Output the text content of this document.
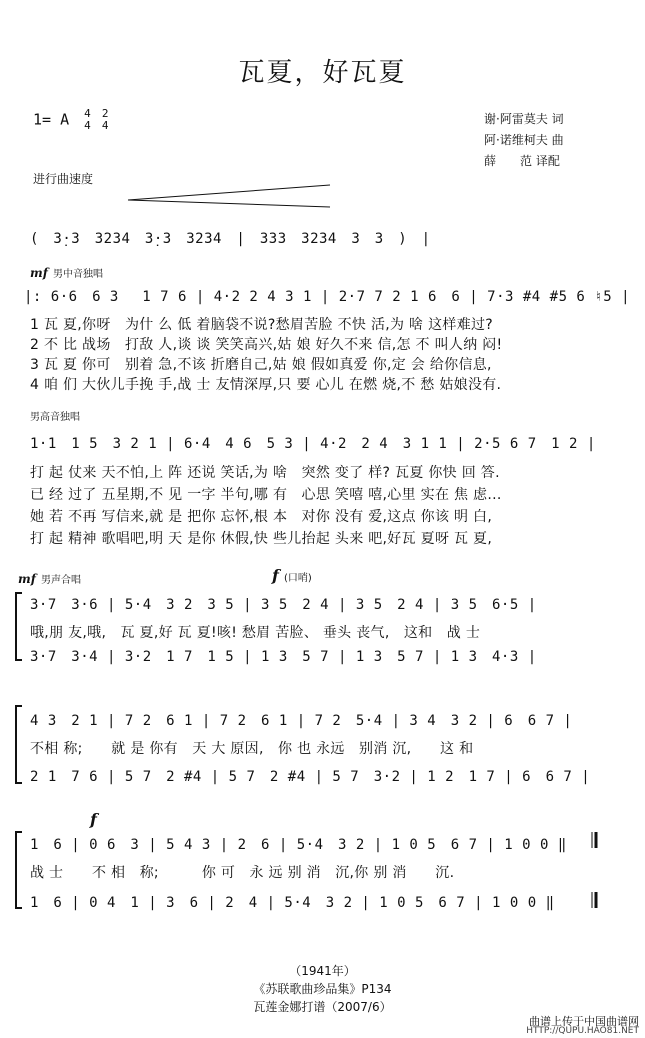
瓦夏，好瓦夏
1= A 4
4 2
4	谢·阿雷莫夫 词
阿·诺维柯夫 曲
薛　　范 译配
进行曲速度
(　3̣·3　3234　3̣·3　3234　|　333　3234　3　3　)　|
mf 男中音独唱
|: 6·6　6 3　 1 7 6 | 4·2 2 4 3 1 | 2·7 7 2 1 6　6 | 7·3 #4 #5 6 ♮5 |
1 瓦 夏,你呀　为什 么 低 着脑袋不说?愁眉苦脸 不快 活,为 啥 这样难过?
2 不 比 战场　打敌 人,谈 谈 笑笑高兴,姑 娘 好久不来 信,怎 不 叫人纳 闷!
3 瓦 夏 你可　别着 急,不该 折磨自己,姑 娘 假如真爱 你,定 会 给你信息,
4 咱 们 大伙儿手挽 手,战 士 友情深厚,只 要 心儿 在燃 烧,不 愁 姑娘没有.
男高音独唱
1·1　1 5　3 2 1 | 6·4　4 6　5 3 | 4·2　2 4　3 1 1 | 2·5 6 7　1 2 |
打 起 仗来 天不怕,上 阵 还说 笑话,为 啥　突然 变了 样? 瓦夏 你快 回 答.
已 经 过了 五星期,不 见 一字 半句,哪 有　心思 笑嘻 嘻,心里 实在 焦 虑...
她 若 不再 写信来,就 是 把你 忘怀,根 本　对你 没有 爱,这点 你该 明 白,
打 起 精神 歌唱吧,明 天 是你 休假,快 些儿抬起 头来 吧,好瓦 夏呀 瓦 夏,
mf 男声合唱	f (口哨)
3·7　3·6 | 5·4　3 2　3 5 | 3 5　2 4 | 3 5　2 4 | 3 5　6·5 |
哦,朋 友,哦,　瓦 夏,好 瓦 夏!咳! 愁眉 苦脸、 垂头 丧气,　这和　战 士
3·7　3·4 | 3·2　1 7　1 5 | 1 3　5 7 | 1 3　5 7 | 1 3　4·3 |
4 3　2 1 | 7 2　6 1 | 7 2　6 1 | 7 2　5·4 | 3 4　3 2 | 6　6 7 |
不相 称;　　就 是 你有　天 大 原因,　你 也 永远　别消 沉,　　这 和
2 1　7 6 | 5 7　2 #4 | 5 7　2 #4 | 5 7　3·2 | 1 2　1 7 | 6　6 7 |
f
1　6 | 0 6　3 | 5 4 3 | 2　6 | 5·4　3 2 | 1 0 5　6 7 | 1 0 0 ‖
战 士　　不 相　称;　　　你 可　永 远 别 消　沉,你 别 消　　沉.
1　6 | 0 4　1 | 3　6 | 2　4 | 5·4　3 2 | 1 0 5　6 7 | 1 0 0 ‖
（1941年）
《苏联歌曲珍品集》P134
瓦莲金娜打谱（2007/6）
曲谱上传于中国曲谱网
HTTP://QUPU.HAO81.NET
